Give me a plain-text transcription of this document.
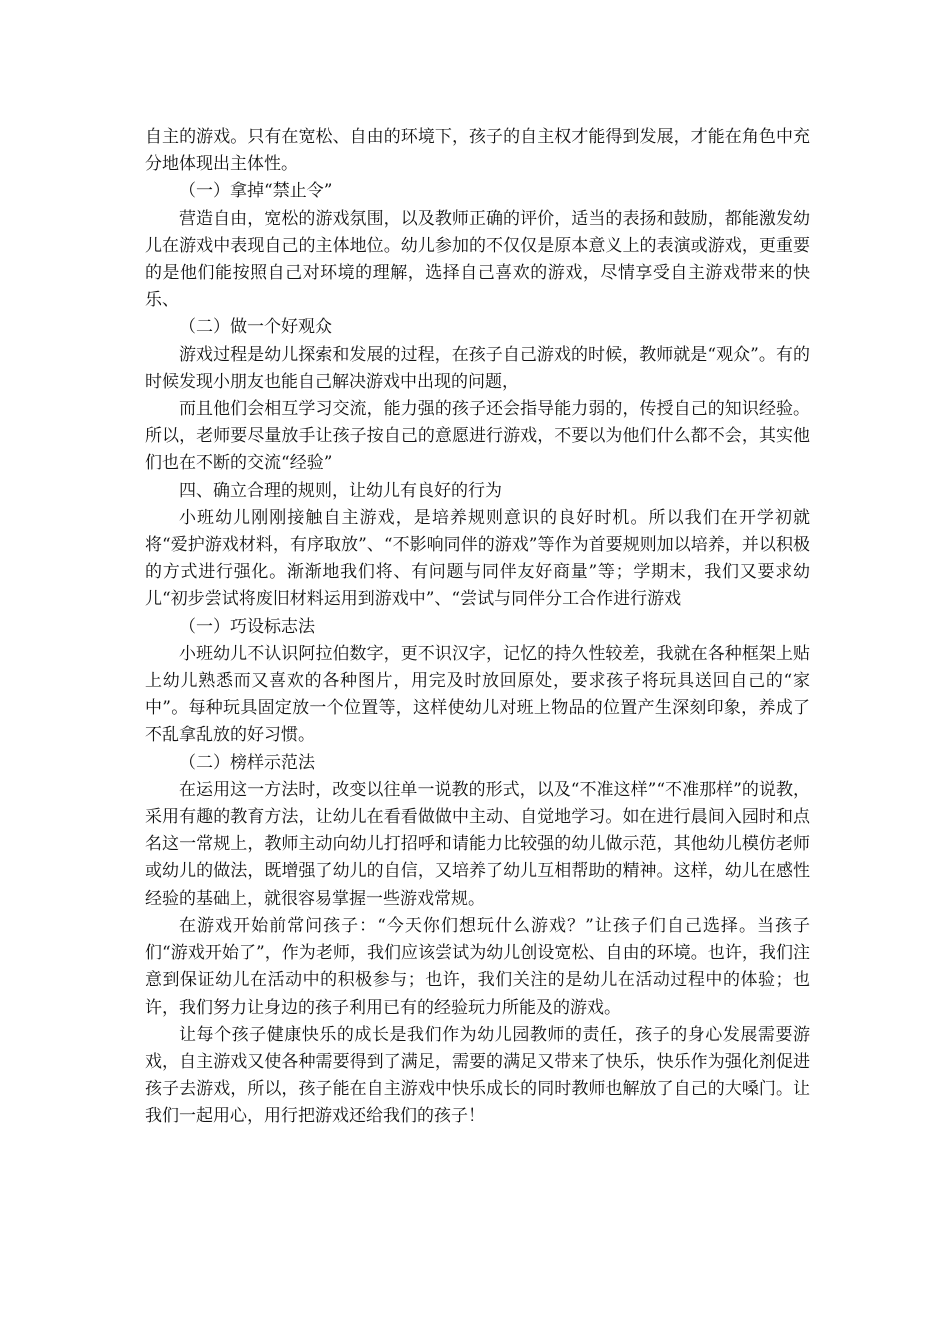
自主的游戏。只有在宽松、自由的环境下，孩子的自主权才能得到发展，才能在角色中充分地体现出主体性。

（一）拿掉“禁止令”

营造自由，宽松的游戏氛围，以及教师正确的评价，适当的表扬和鼓励，都能激发幼儿在游戏中表现自己的主体地位。幼儿参加的不仅仅是原本意义上的表演或游戏，更重要的是他们能按照自己对环境的理解，选择自己喜欢的游戏，尽情享受自主游戏带来的快乐、

（二）做一个好观众

游戏过程是幼儿探索和发展的过程，在孩子自己游戏的时候，教师就是“观众”。有的时候发现小朋友也能自己解决游戏中出现的问题，

而且他们会相互学习交流，能力强的孩子还会指导能力弱的，传授自己的知识经验。所以，老师要尽量放手让孩子按自己的意愿进行游戏，不要以为他们什么都不会，其实他们也在不断的交流“经验”

四、确立合理的规则，让幼儿有良好的行为

小班幼儿刚刚接触自主游戏，是培养规则意识的良好时机。所以我们在开学初就将“爱护游戏材料，有序取放”、“不影响同伴的游戏”等作为首要规则加以培养，并以积极的方式进行强化。渐渐地我们将、有问题与同伴友好商量”等；学期末，我们又要求幼儿“初步尝试将废旧材料运用到游戏中”、“尝试与同伴分工合作进行游戏

（一）巧设标志法

小班幼儿不认识阿拉伯数字，更不识汉字，记忆的持久性较差，我就在各种框架上贴上幼儿熟悉而又喜欢的各种图片，用完及时放回原处，要求孩子将玩具送回自己的“家中”。每种玩具固定放一个位置等，这样使幼儿对班上物品的位置产生深刻印象，养成了不乱拿乱放的好习惯。

（二）榜样示范法

在运用这一方法时，改变以往单一说教的形式，以及“不准这样”“不准那样”的说教，采用有趣的教育方法，让幼儿在看看做做中主动、自觉地学习。如在进行晨间入园时和点名这一常规上，教师主动向幼儿打招呼和请能力比较强的幼儿做示范，其他幼儿模仿老师或幼儿的做法，既增强了幼儿的自信，又培养了幼儿互相帮助的精神。这样，幼儿在感性经验的基础上，就很容易掌握一些游戏常规。

在游戏开始前常问孩子：“今天你们想玩什么游戏？”让孩子们自己选择。当孩子们“游戏开始了”，作为老师，我们应该尝试为幼儿创设宽松、自由的环境。也许，我们注意到保证幼儿在活动中的积极参与；也许，我们关注的是幼儿在活动过程中的体验；也许，我们努力让身边的孩子利用已有的经验玩力所能及的游戏。

让每个孩子健康快乐的成长是我们作为幼儿园教师的责任，孩子的身心发展需要游戏，自主游戏又使各种需要得到了满足，需要的满足又带来了快乐，快乐作为强化剂促进孩子去游戏，所以，孩子能在自主游戏中快乐成长的同时教师也解放了自己的大嗓门。让我们一起用心，用行把游戏还给我们的孩子！
